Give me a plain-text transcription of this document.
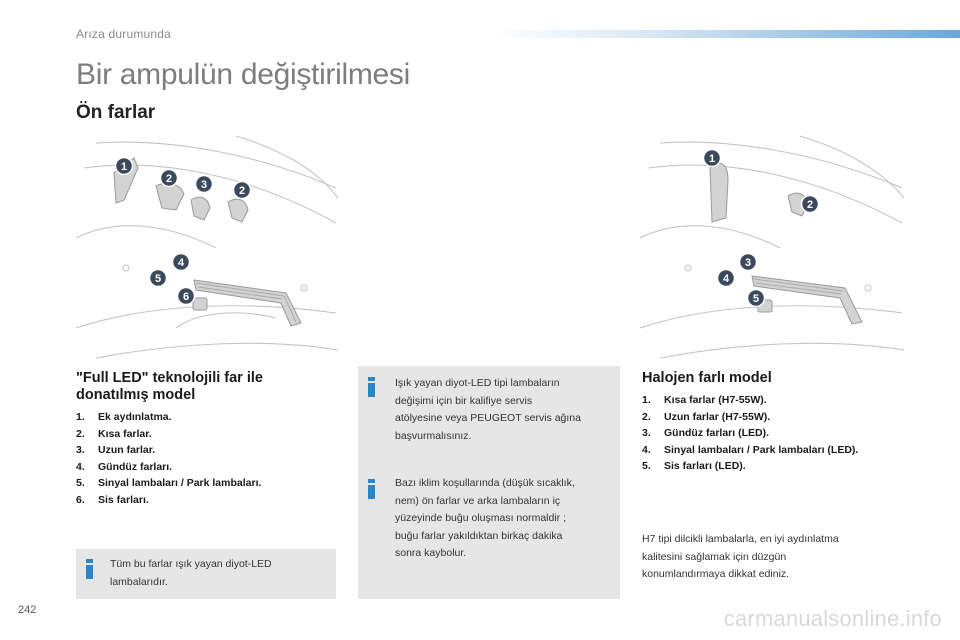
Arıza durumunda
Bir ampulün değiştirilmesi
Ön farlar
1
2	3	2
4
5
6
1
2
3
4
5
"Full LED" teknolojili far ile
donatılmış model
1. Ek aydınlatma.
2. Kısa farlar.
3. Uzun farlar.
4. Gündüz farları.
5. Sinyal lambaları / Park lambaları.
6. Sis farları.
Tüm bu farlar ışık yayan diyot-LED
lambalarıdır.
Işık yayan diyot-LED tipi lambaların
değişimi için bir kalifiye servis
atölyesine veya PEUGEOT servis ağına
başvurmalısınız.
Bazı iklim koşullarında (düşük sıcaklık,
nem) ön farlar ve arka lambaların iç
yüzeyinde buğu oluşması normaldir ;
buğu farlar yakıldıktan birkaç dakika
sonra kaybolur.
Halojen farlı model
1. Kısa farlar (H7-55W).
2. Uzun farlar (H7-55W).
3. Gündüz farları (LED).
4. Sinyal lambaları / Park lambaları (LED).
5. Sis farları (LED).
H7 tipi dilcikli lambalarla, en iyi aydınlatma
kalitesini sağlamak için düzgün
konumlandırmaya dikkat ediniz.
242	carmanualsonline.info
